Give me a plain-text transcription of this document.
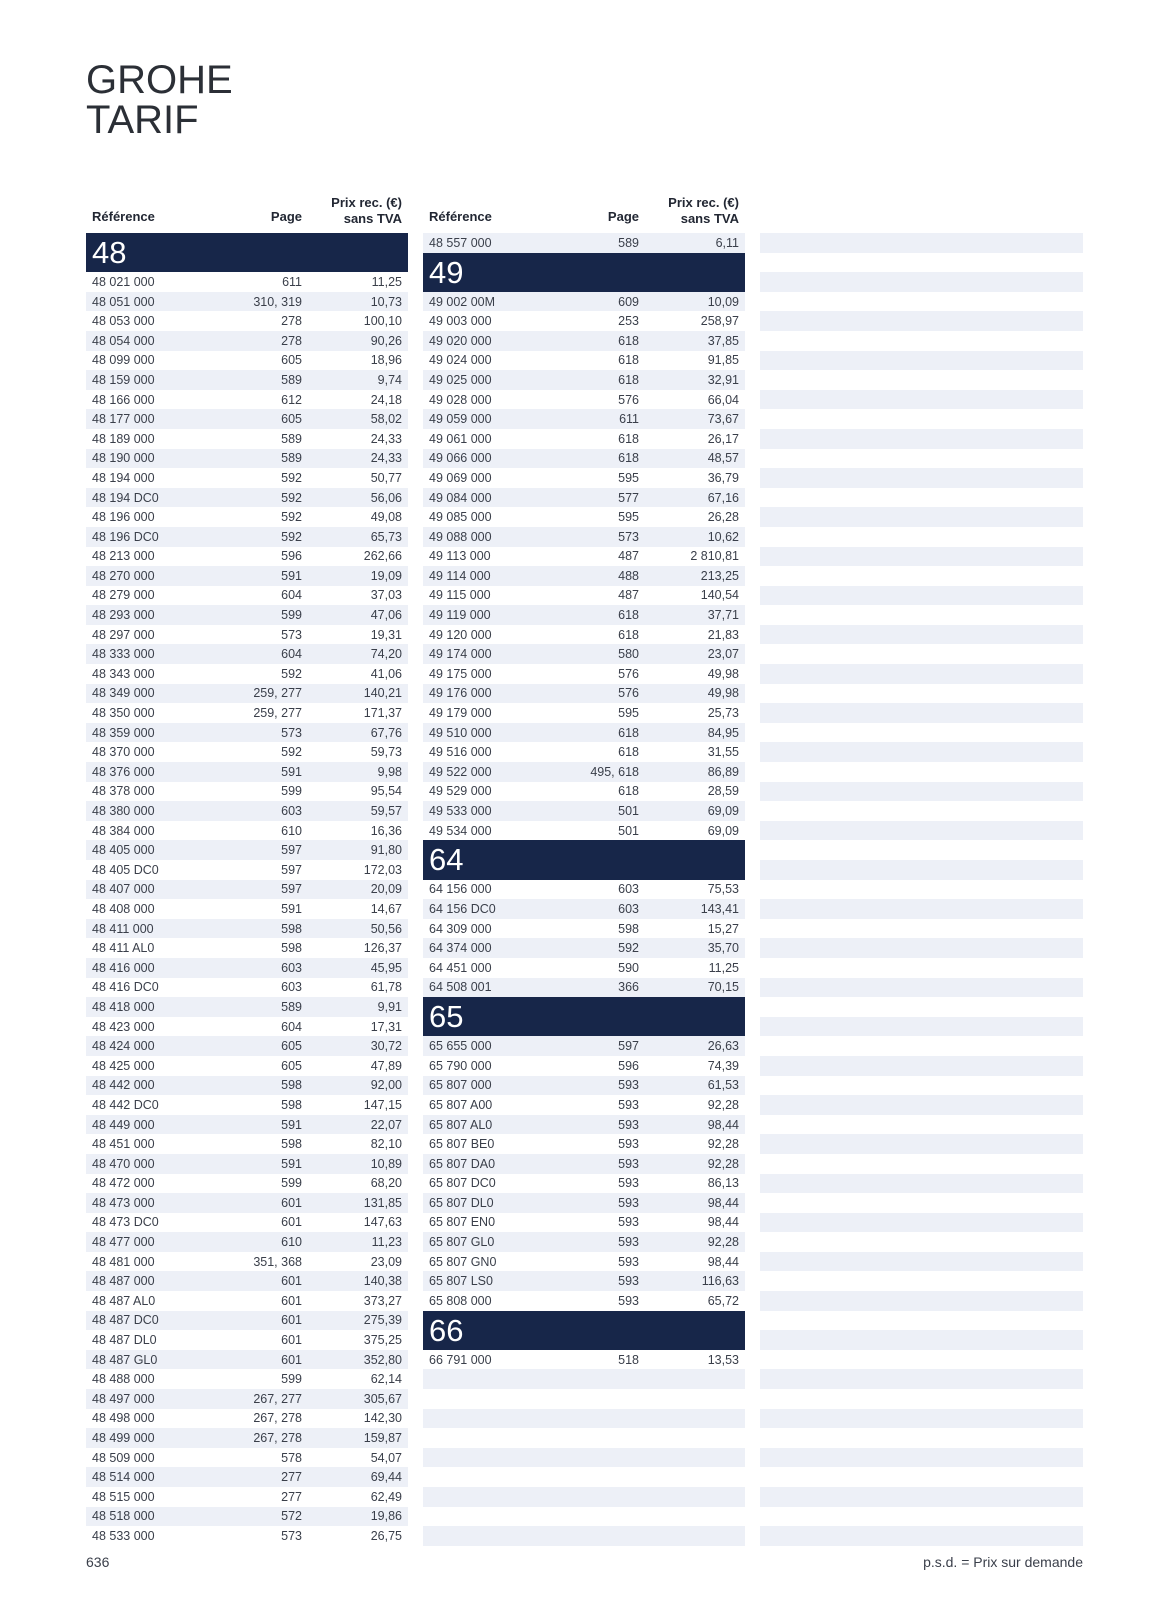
GROHE
TARIF
Référence	Page
Prix rec. (€)
sans TVA
48
48 021 000	611	11,25
48 051 000	310, 319	10,73
48 053 000	278	100,10
48 054 000	278	90,26
48 099 000	605	18,96
48 159 000	589	9,74
48 166 000	612	24,18
48 177 000	605	58,02
48 189 000	589	24,33
48 190 000	589	24,33
48 194 000	592	50,77
48 194 DC0	592	56,06
48 196 000	592	49,08
48 196 DC0	592	65,73
48 213 000	596	262,66
48 270 000	591	19,09
48 279 000	604	37,03
48 293 000	599	47,06
48 297 000	573	19,31
48 333 000	604	74,20
48 343 000	592	41,06
48 349 000	259, 277	140,21
48 350 000	259, 277	171,37
48 359 000	573	67,76
48 370 000	592	59,73
48 376 000	591	9,98
48 378 000	599	95,54
48 380 000	603	59,57
48 384 000	610	16,36
48 405 000	597	91,80
48 405 DC0	597	172,03
48 407 000	597	20,09
48 408 000	591	14,67
48 411 000	598	50,56
48 411 AL0	598	126,37
48 416 000	603	45,95
48 416 DC0	603	61,78
48 418 000	589	9,91
48 423 000	604	17,31
48 424 000	605	30,72
48 425 000	605	47,89
48 442 000	598	92,00
48 442 DC0	598	147,15
48 449 000	591	22,07
48 451 000	598	82,10
48 470 000	591	10,89
48 472 000	599	68,20
48 473 000	601	131,85
48 473 DC0	601	147,63
48 477 000	610	11,23
48 481 000	351, 368	23,09
48 487 000	601	140,38
48 487 AL0	601	373,27
48 487 DC0	601	275,39
48 487 DL0	601	375,25
48 487 GL0	601	352,80
48 488 000	599	62,14
48 497 000	267, 277	305,67
48 498 000	267, 278	142,30
48 499 000	267, 278	159,87
48 509 000	578	54,07
48 514 000	277	69,44
48 515 000	277	62,49
48 518 000	572	19,86
48 533 000	573	26,75
Référence	Page
Prix rec. (€)
sans TVA
48 557 000	589	6,11
49
49 002 00M	609	10,09
49 003 000	253	258,97
49 020 000	618	37,85
49 024 000	618	91,85
49 025 000	618	32,91
49 028 000	576	66,04
49 059 000	611	73,67
49 061 000	618	26,17
49 066 000	618	48,57
49 069 000	595	36,79
49 084 000	577	67,16
49 085 000	595	26,28
49 088 000	573	10,62
49 113 000	487	2 810,81
49 114 000	488	213,25
49 115 000	487	140,54
49 119 000	618	37,71
49 120 000	618	21,83
49 174 000	580	23,07
49 175 000	576	49,98
49 176 000	576	49,98
49 179 000	595	25,73
49 510 000	618	84,95
49 516 000	618	31,55
49 522 000	495, 618	86,89
49 529 000	618	28,59
49 533 000	501	69,09
49 534 000	501	69,09
64
64 156 000	603	75,53
64 156 DC0	603	143,41
64 309 000	598	15,27
64 374 000	592	35,70
64 451 000	590	11,25
64 508 001	366	70,15
65
65 655 000	597	26,63
65 790 000	596	74,39
65 807 000	593	61,53
65 807 A00	593	92,28
65 807 AL0	593	98,44
65 807 BE0	593	92,28
65 807 DA0	593	92,28
65 807 DC0	593	86,13
65 807 DL0	593	98,44
65 807 EN0	593	98,44
65 807 GL0	593	92,28
65 807 GN0	593	98,44
65 807 LS0	593	116,63
65 808 000	593	65,72
66
66 791 000	518	13,53
636	p.s.d. = Prix sur demande
